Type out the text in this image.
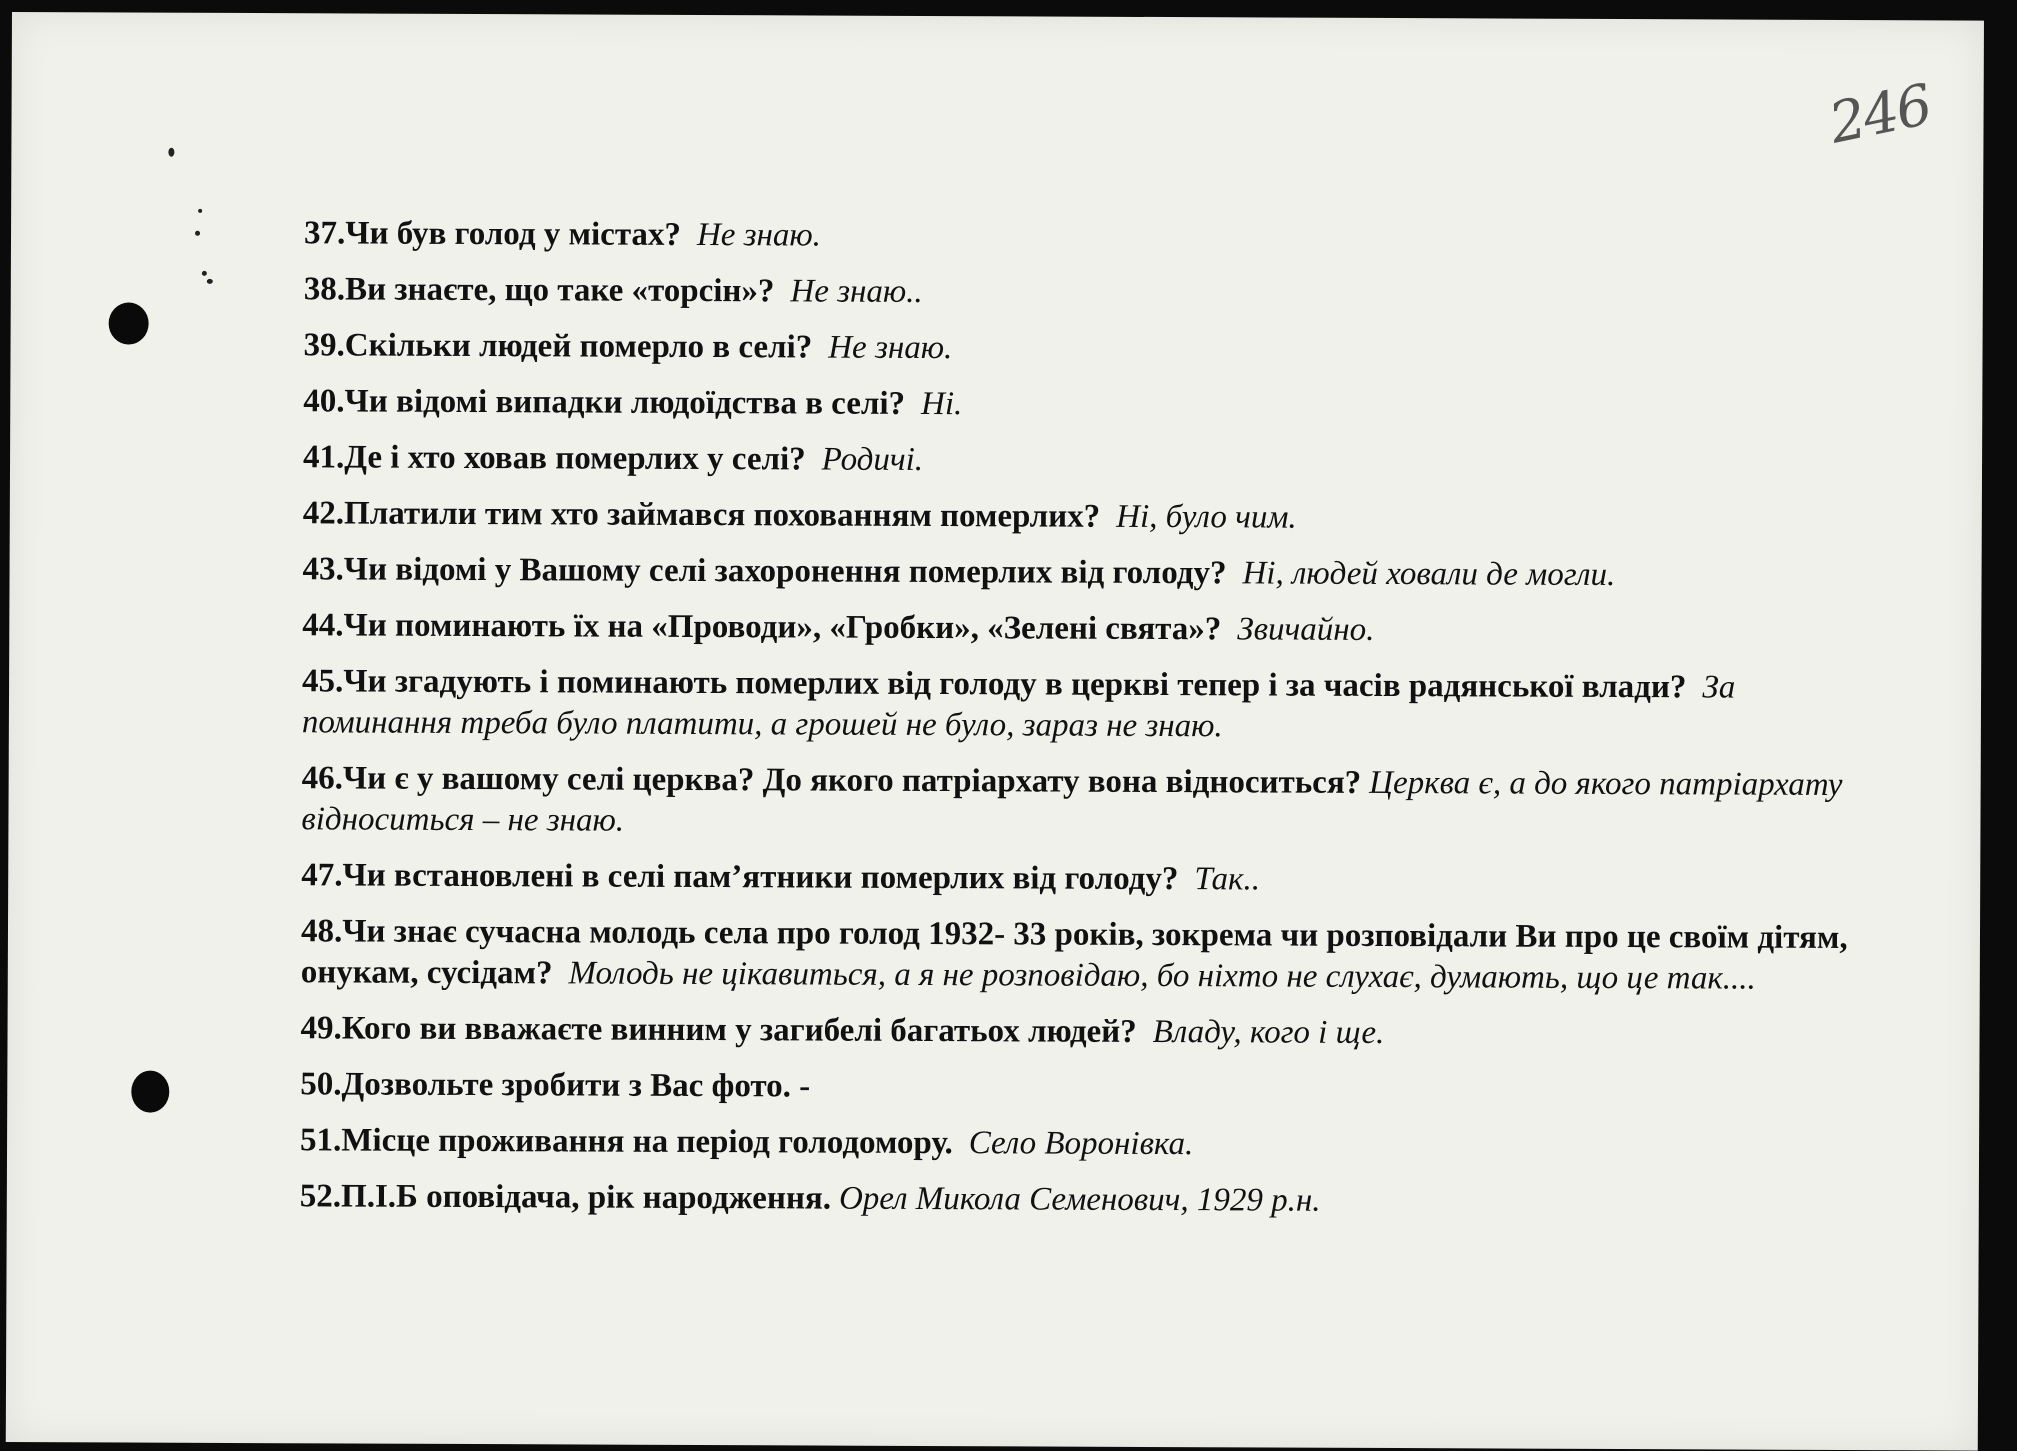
246
37.Чи був голод у містах? Не знаю.
38.Ви знаєте, що таке «торсін»? Не знаю..
39.Скільки людей померло в селі? Не знаю.
40.Чи відомі випадки людоїдства в селі? Ні.
41.Де і хто ховав померлих у селі? Родичі.
42.Платили тим хто займався похованням померлих? Ні, було чим.
43.Чи відомі у Вашому селі захоронення померлих від голоду? Ні, людей ховали де могли.
44.Чи поминають їх на «Проводи», «Гробки», «Зелені свята»? Звичайно.
45.Чи згадують і поминають померлих від голоду в церкві тепер і за часів радянської влади? За поминання треба було платити, а грошей не було, зараз не знаю.
46.Чи є у вашому селі церква? До якого патріархату вона відноситься? Церква є, а до якого патріархату відноситься – не знаю.
47.Чи встановлені в селі пам’ятники померлих від голоду? Так..
48.Чи знає сучасна молодь села про голод 1932- 33 років, зокрема чи розповідали Ви про це своїм дітям, онукам, сусідам? Молодь не цікавиться, а я не розповідаю, бо ніхто не слухає, думають, що це так....
49.Кого ви вважаєте винним у загибелі багатьох людей? Владу, кого і ще.
50.Дозвольте зробити з Вас фото. -
51.Місце проживання на період голодомору. Село Воронівка.
52.П.І.Б оповідача, рік народження. Орел Микола Семенович, 1929 р.н.
